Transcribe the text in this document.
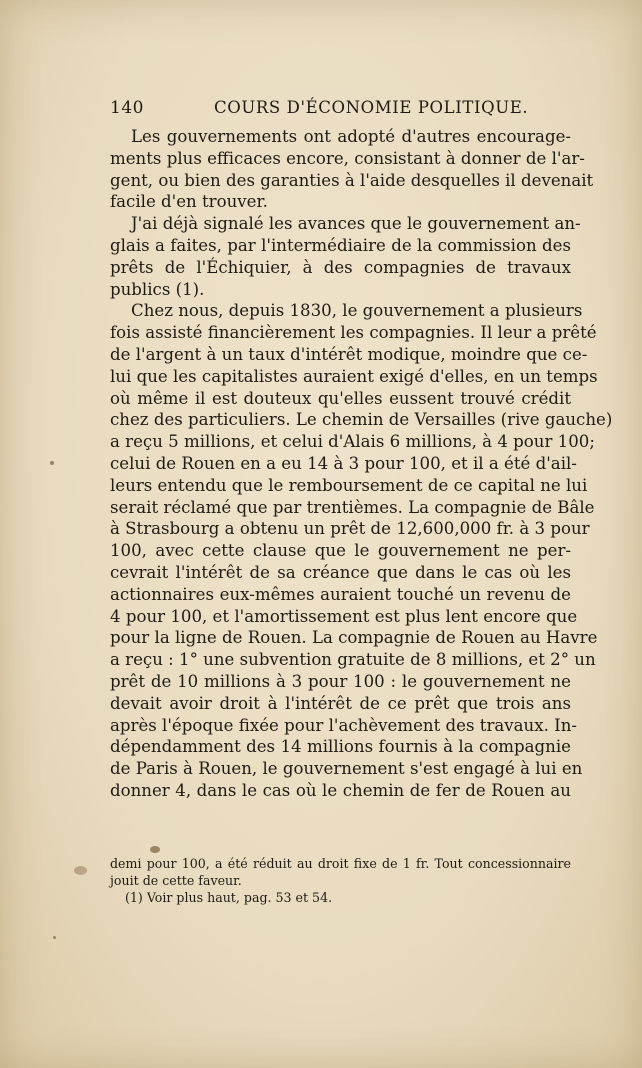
140	COURS D'ÉCONOMIE POLITIQUE.
Les gouvernements ont adopté d'autres encourage-
ments plus efficaces encore, consistant à donner de l'ar-
gent, ou bien des garanties à l'aide desquelles il devenait
facile d'en trouver.
J'ai déjà signalé les avances que le gouvernement an-
glais a faites, par l'intermédiaire de la commission des
prêts de l'Échiquier, à des compagnies de travaux
publics (1).
Chez nous, depuis 1830, le gouvernement a plusieurs
fois assisté financièrement les compagnies. Il leur a prêté
de l'argent à un taux d'intérêt modique, moindre que ce-
lui que les capitalistes auraient exigé d'elles, en un temps
où même il est douteux qu'elles eussent trouvé crédit
chez des particuliers. Le chemin de Versailles (rive gauche)
a reçu 5 millions, et celui d'Alais 6 millions, à 4 pour 100;
celui de Rouen en a eu 14 à 3 pour 100, et il a été d'ail-
leurs entendu que le remboursement de ce capital ne lui
serait réclamé que par trentièmes. La compagnie de Bâle
à Strasbourg a obtenu un prêt de 12,600,000 fr. à 3 pour
100, avec cette clause que le gouvernement ne per-
cevrait l'intérêt de sa créance que dans le cas où les
actionnaires eux-mêmes auraient touché un revenu de
4 pour 100, et l'amortissement est plus lent encore que
pour la ligne de Rouen. La compagnie de Rouen au Havre
a reçu : 1° une subvention gratuite de 8 millions, et 2° un
prêt de 10 millions à 3 pour 100 : le gouvernement ne
devait avoir droit à l'intérêt de ce prêt que trois ans
après l'époque fixée pour l'achèvement des travaux. In-
dépendamment des 14 millions fournis à la compagnie
de Paris à Rouen, le gouvernement s'est engagé à lui en
donner 4, dans le cas où le chemin de fer de Rouen au
demi pour 100, a été réduit au droit fixe de 1 fr. Tout concessionnaire
jouit de cette faveur.
(1) Voir plus haut, pag. 53 et 54.
